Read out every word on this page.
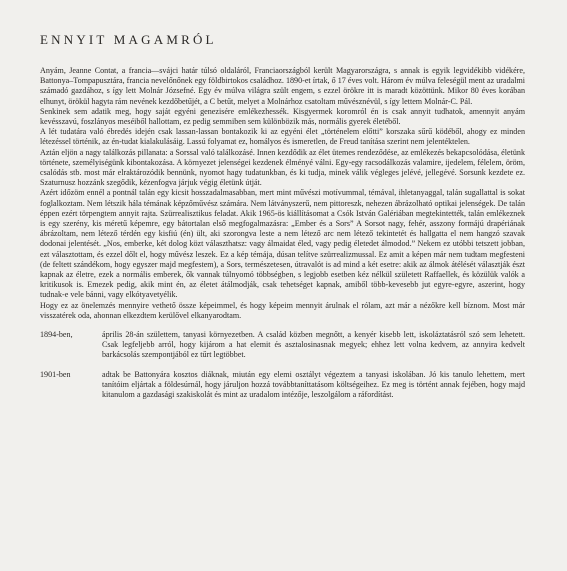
ENNYIT MAGAMRÓL

Anyám, Jeanne Contat, a francia—svájci határ túlsó oldaláról, Franciaországból került Magyarországra, s annak is egyik legvidékibb vidékére, Battonya–Tompapusztára, francia nevelőnőnek egy földbirtokos családhoz. 1890-et írtak, ő 17 éves volt. Három év múlva feleségül ment az uradalmi számadó gazdához, s így lett Molnár Józsefné. Egy év múlva világra szült engem, s ezzel örökre itt is maradt közöttünk. Mikor 80 éves korában elhunyt, örökül hagyta rám nevének kezdőbetűjét, a C betűt, melyet a Molnárhoz csatoltam művésznévül, s így lettem Molnár-C. Pál.

Senkinek sem adatik meg, hogy saját egyéni genezisére emlékezhessék. Kisgyermek koromról én is csak annyit tudhatok, amennyit anyám kevésszavú, foszlányos meséiből hallottam, ez pedig semmiben sem különbözik más, normális gyerek életéből.

A lét tudatára való ébredés idején csak lassan-lassan bontakozik ki az egyéni élet „történelem előtti” korszaka sűrű ködéből, ahogy ez minden létezéssel történik, az én-tudat kialakulásáig. Lassú folyamat ez, homályos és ismeretlen, de Freud tanítása szerint nem jelentéktelen.

Aztán eljön a nagy találkozás pillanata: a Sorssal való találkozásé. Innen kezdődik az élet ütemes rendeződése, az emlékezés bekapcsolódása, életünk története, személyiségünk kibontakozása. A környezet jelenségei kezdenek élményé válni. Egy-egy racsodálkozás valamire, ijedelem, félelem, öröm, csalódás stb. most már elraktározódik bennünk, nyomot hagy tudatunkban, és ki tudja, minek válik végleges jelévé, jellegévé. Sorsunk kezdete ez. Szaturnusz hozzánk szegődik, kézenfogva járjuk végig életünk útját.

Azért időzöm ennél a pontnál talán egy kicsit hosszadalmasabban, mert mint művészi motívummal, témával, ihletanyaggal, talán sugallattal is sokat foglalkoztam. Nem létszik hála témának képzőművész számára. Nem látványszerű, nem pittoreszk, nehezen ábrázolható optikai jelenségek. De talán éppen ezért törpengtem annyit rajta. Szürrealisztikus feladat. Akik 1965-ös kiállításomat a Csók István Galériában megtekintették, talán emlékeznek is egy szerény, kis méretű képemre, egy bátortalan első megfogalmazásra: „Ember és a Sors” A Sorsot nagy, fehér, asszony formájú drapériának ábrázoltam, nem létező térdén egy kisfiú (én) ült, aki szorongva leste a nem létező arc nem létező tekintetét és hallgatta el nem hangzó szavak dodonai jelentését. „Nos, emberke, két dolog közt választhatsz: vagy álmaidat éled, vagy pedig életedet álmodod.” Nekem ez utóbbi tetszett jobban, ezt választottam, és ezzel dőlt el, hogy művész leszek. Ez a kép témája, dúsan telítve szürrealizmussal. Ez amit a képen már nem tudtam megfesteni (de feltett szándékom, hogy egyszer majd megfestem), a Sors, természetesen, útravalót is ad mind a két esetre: akik az álmok átélését választják észt kapnak az életre, ezek a normális emberek, ők vannak túlnyomó többségben, s legjobb esetben kéz nélkül született Raffaellek, és közülük valók a kritikusok is. Emezek pedig, akik mint én, az életet átálmodják, csak tehetséget kapnak, amiből több-kevesebb jut egyre-egyre, aszerint, hogy tudnak-e vele bánni, vagy elkótyavetyélik.

Hogy ez az önelemzés mennyire vethető össze képeimmel, és hogy képeim mennyit árulnak el rólam, azt már a nézőkre kell bíznom. Most már visszatérek oda, ahonnan elkezdtem kerülővel elkanyarodtam.

1894-ben,	április 28-án születtem, tanyasi környezetben. A család közben megnőtt, a kenyér kisebb lett, iskoláztatásról szó sem lehetett. Csak legfeljebb arról, hogy kijárom a hat elemit és asztalosinasnak megyek; ehhez lett volna kedvem, az annyira kedvelt barkácsolás szempontjából ez tűrt legtöbbet.
1901-ben	adtak be Battonyára kosztos diáknak, miután egy elemi osztályt végeztem a tanyasi iskolában. Jó kis tanulo lehettem, mert tanítóim eljártak a földesúrnál, hogy járuljon hozzá továbbtaníttatásom költségeihez. Ez meg is történt annak fejében, hogy majd kitanulom a gazdasági szakiskolát és mint az uradalom intézője, leszolgálom a ráfordítást.
